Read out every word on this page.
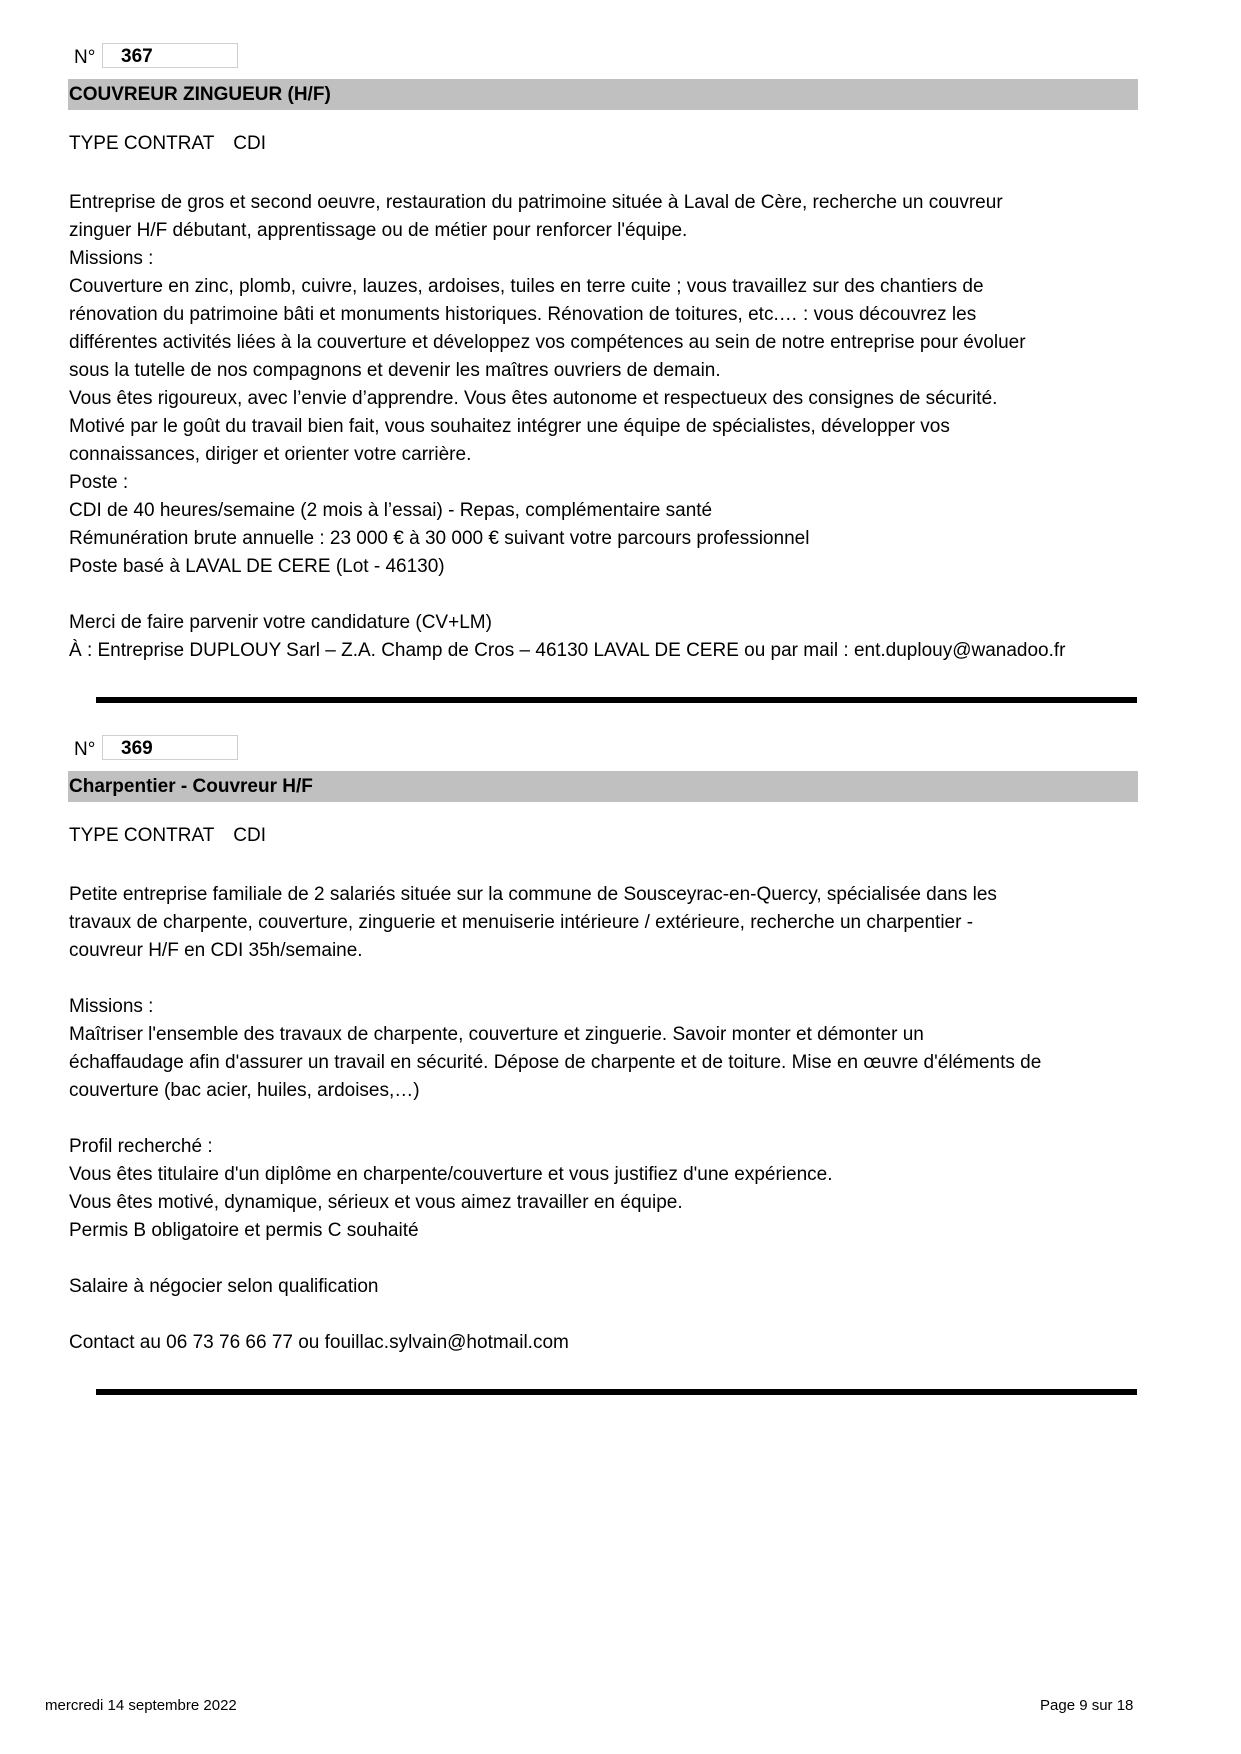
N°	367
COUVREUR ZINGUEUR (H/F)
TYPE CONTRAT CDI

Entreprise de gros et second oeuvre, restauration du patrimoine située à Laval de Cère, recherche un couvreur

zinguer H/F débutant, apprentissage ou de métier pour renforcer l'équipe.

Missions :

Couverture en zinc, plomb, cuivre, lauzes, ardoises, tuiles en terre cuite ; vous travaillez sur des chantiers de

rénovation du patrimoine bâti et monuments historiques. Rénovation de toitures, etc.… : vous découvrez les

différentes activités liées à la couverture et développez vos compétences au sein de notre entreprise pour évoluer

sous la tutelle de nos compagnons et devenir les maîtres ouvriers de demain.

Vous êtes rigoureux, avec l’envie d’apprendre. Vous êtes autonome et respectueux des consignes de sécurité.

Motivé par le goût du travail bien fait, vous souhaitez intégrer une équipe de spécialistes, développer vos

connaissances, diriger et orienter votre carrière.

Poste :

CDI de 40 heures/semaine (2 mois à l’essai) - Repas, complémentaire santé

Rémunération brute annuelle : 23 000 € à 30 000 € suivant votre parcours professionnel

Poste basé à LAVAL DE CERE (Lot - 46130)

Merci de faire parvenir votre candidature (CV+LM)

À : Entreprise DUPLOUY Sarl – Z.A. Champ de Cros – 46130 LAVAL DE CERE ou par mail : ent.duplouy@wanadoo.fr

N°	369
Charpentier - Couvreur H/F
TYPE CONTRAT CDI

Petite entreprise familiale de 2 salariés située sur la commune de Sousceyrac-en-Quercy, spécialisée dans les

travaux de charpente, couverture, zinguerie et menuiserie intérieure / extérieure, recherche un charpentier -

couvreur H/F en CDI 35h/semaine.

Missions :

Maîtriser l'ensemble des travaux de charpente, couverture et zinguerie. Savoir monter et démonter un

échaffaudage afin d'assurer un travail en sécurité. Dépose de charpente et de toiture. Mise en œuvre d'éléments de

couverture (bac acier, huiles, ardoises,…)

Profil recherché :

Vous êtes titulaire d'un diplôme en charpente/couverture et vous justifiez d'une expérience.

Vous êtes motivé, dynamique, sérieux et vous aimez travailler en équipe.

Permis B obligatoire et permis C souhaité

Salaire à négocier selon qualification

Contact au 06 73 76 66 77 ou fouillac.sylvain@hotmail.com

mercredi 14 septembre 2022	Page 9 sur 18
